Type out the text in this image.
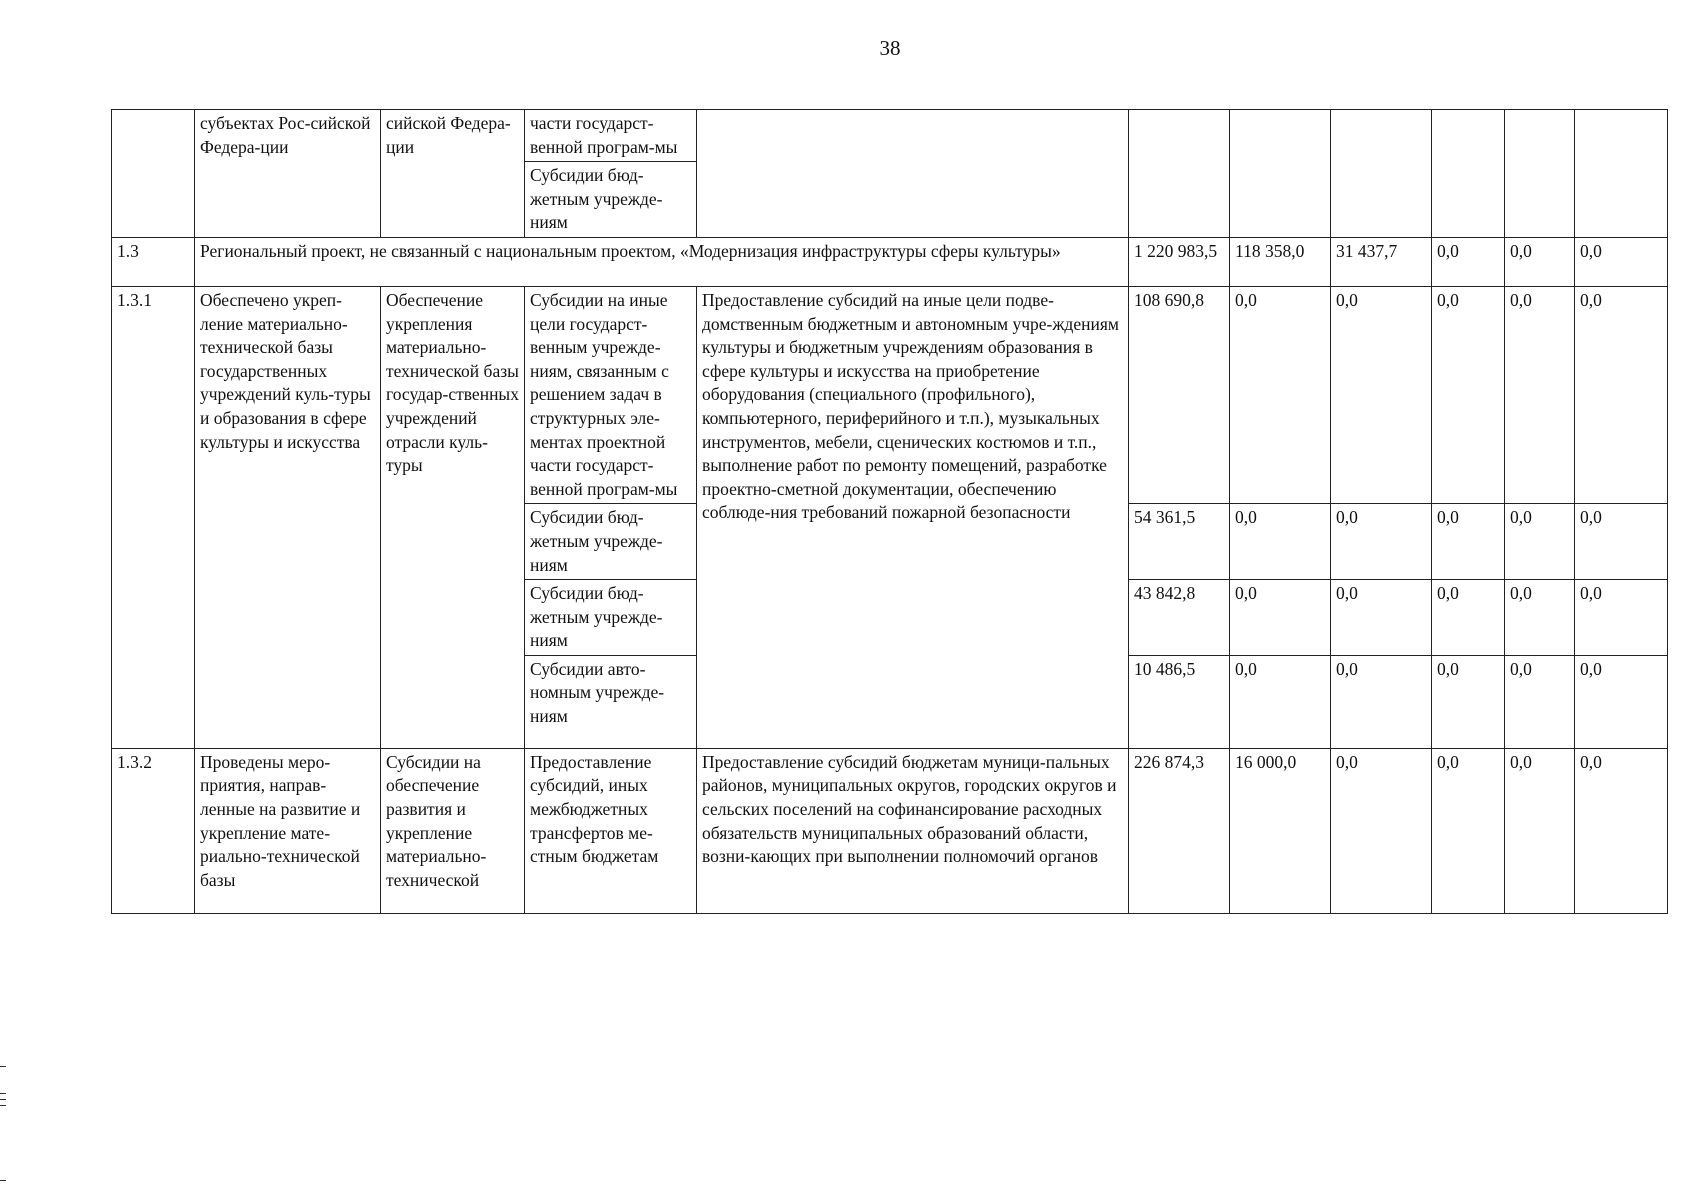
38
	субъектах Рос-сийской Федера-ции	сийской Федера-ции	части государст-венной програм-мы							
			Субсидии бюд-жетным учрежде-ниям							
1.3	Региональный проект, не связанный с национальным проектом, «Модернизация инфраструктуры сферы культуры»				1 220 983,5	118 358,0	31 437,7	0,0	0,0	0,0
1.3.1	Обеспечено укреп-ление материально-технической базы государственных учреждений куль-туры и образования в сфере культуры и искусства	Обеспечение укрепления материально-технической базы государ-ственных учреждений отрасли куль-туры	Субсидии на иные цели государст-венным учрежде-ниям, связанным с решением задач в структурных эле-ментах проектной части государст-венной програм-мы	Предоставление субсидий на иные цели подве-домственным бюджетным и автономным учре-ждениям культуры и бюджетным учреждениям образования в сфере культуры и искусства на приобретение оборудования (специального (профильного), компьютерного, периферийного и т.п.), музыкальных инструментов, мебели, сценических костюмов и т.п., выполнение работ по ремонту помещений, разработке проектно-сметной документации, обеспечению соблюде-ния требований пожарной безопасности	108 690,8	0,0	0,0	0,0	0,0	0,0
			Субсидии бюд-жетным учрежде-ниям		54 361,5	0,0	0,0	0,0	0,0	0,0
			Субсидии бюд-жетным учрежде-ниям		43 842,8	0,0	0,0	0,0	0,0	0,0
			Субсидии авто-номным учрежде-ниям		10 486,5	0,0	0,0	0,0	0,0	0,0
1.3.2	Проведены меро-приятия, направ-ленные на развитие и укрепление мате-риально-технической базы	Субсидии на обеспечение развития и укрепление материально-технической	Предоставление субсидий, иных межбюджетных трансфертов ме-стным бюджетам	Предоставление субсидий бюджетам муници-пальных районов, муниципальных округов, городских округов и сельских поселений на софинансирование расходных обязательств муниципальных образований области, возни-кающих при выполнении полномочий органов	226 874,3	16 000,0	0,0	0,0	0,0	0,0
